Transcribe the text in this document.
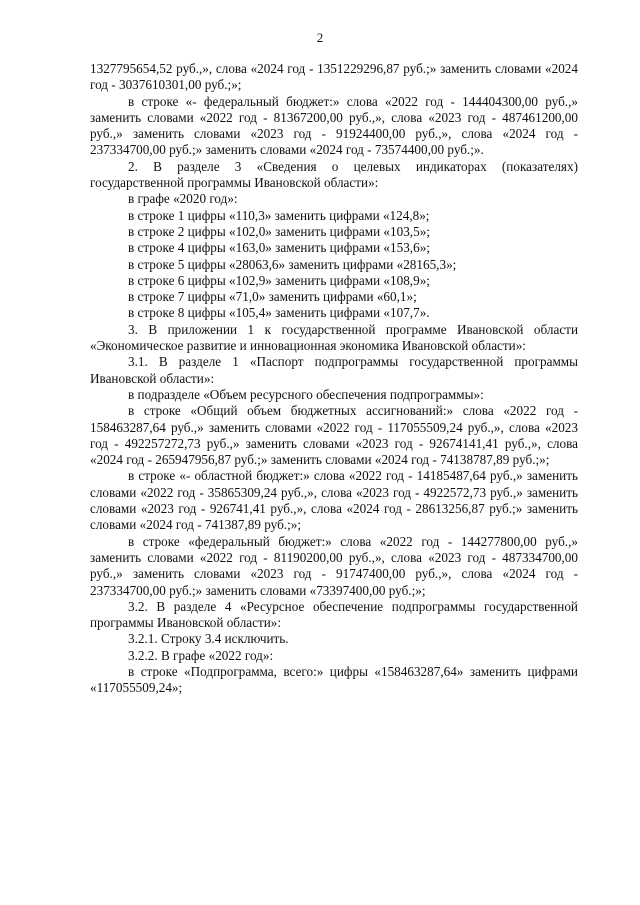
2

1327795654,52 руб.,», слова «2024 год - 1351229296,87 руб.;» заменить словами «2024 год - 3037610301,00 руб.;»;

в строке «- федеральный бюджет:» слова «2022 год - 144404300,00 руб.,» заменить словами «2022 год - 81367200,00 руб.,», слова «2023 год - 487461200,00 руб.,» заменить словами «2023 год - 91924400,00 руб.,», слова «2024 год - 237334700,00 руб.;» заменить словами «2024 год - 73574400,00 руб.;».

2. В разделе 3 «Сведения о целевых индикаторах (показателях) государственной программы Ивановской области»:

в графе «2020 год»:

в строке 1 цифры «110,3» заменить цифрами «124,8»;

в строке 2 цифры «102,0» заменить цифрами «103,5»;

в строке 4 цифры «163,0» заменить цифрами «153,6»;

в строке 5 цифры «28063,6» заменить цифрами «28165,3»;

в строке 6 цифры «102,9» заменить цифрами «108,9»;

в строке 7 цифры «71,0» заменить цифрами «60,1»;

в строке 8 цифры «105,4» заменить цифрами «107,7».

3. В приложении 1 к государственной программе Ивановской области «Экономическое развитие и инновационная экономика Ивановской области»:

3.1. В разделе 1 «Паспорт подпрограммы государственной программы Ивановской области»:

в подразделе «Объем ресурсного обеспечения подпрограммы»:

в строке «Общий объем бюджетных ассигнований:» слова «2022 год - 158463287,64 руб.,» заменить словами «2022 год - 117055509,24 руб.,», слова «2023 год - 492257272,73 руб.,» заменить словами «2023 год - 92674141,41 руб.,», слова «2024 год - 265947956,87 руб.;» заменить словами «2024 год - 74138787,89 руб.;»;

в строке «- областной бюджет:» слова «2022 год - 14185487,64 руб.,» заменить словами «2022 год - 35865309,24 руб.,», слова «2023 год - 4922572,73 руб.,» заменить словами «2023 год - 926741,41 руб.,», слова «2024 год - 28613256,87 руб.;» заменить словами «2024 год - 741387,89 руб.;»;

в строке «федеральный бюджет:» слова «2022 год - 144277800,00 руб.,» заменить словами «2022 год - 81190200,00 руб.,», слова «2023 год - 487334700,00 руб.,» заменить словами «2023 год - 91747400,00 руб.,», слова «2024 год - 237334700,00 руб.;» заменить словами «73397400,00 руб.;»;

3.2. В разделе 4 «Ресурсное обеспечение подпрограммы государственной программы Ивановской области»:

3.2.1. Строку 3.4 исключить.

3.2.2. В графе «2022 год»:

в строке «Подпрограмма, всего:» цифры «158463287,64» заменить цифрами «117055509,24»;
